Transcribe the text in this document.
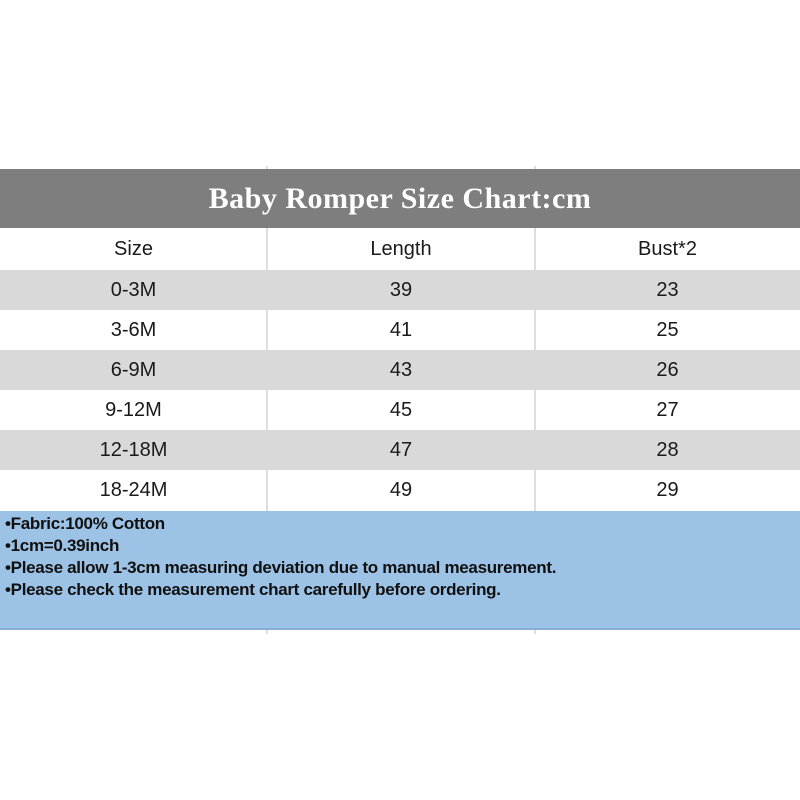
Baby Romper Size Chart:cm
Size	Length	Bust*2
0-3M	39	23
3-6M	41	25
6-9M	43	26
9-12M	45	27
12-18M	47	28
18-24M	49	29
•Fabric:100% Cotton
•1cm=0.39inch
•Please allow 1-3cm measuring deviation due to manual measurement.
•Please check the measurement chart carefully before ordering.
